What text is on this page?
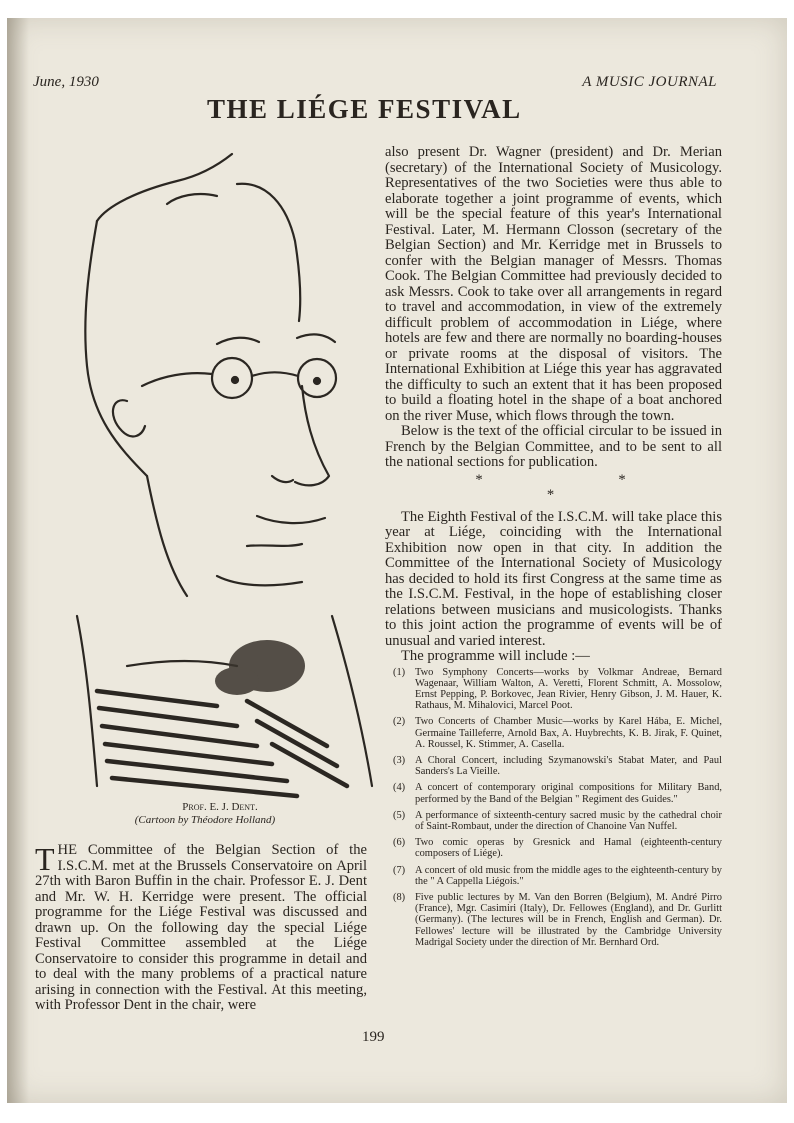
June, 1930	A MUSIC JOURNAL
THE LIÉGE FESTIVAL
Prof. E. J. Dent.
(Cartoon by Théodore Holland)

THE Committee of the Belgian Section of the I.S.C.M. met at the Brussels Conservatoire on April 27th with Baron Buffin in the chair. Professor E. J. Dent and Mr. W. H. Kerridge were present. The official programme for the Liége Festival was discussed and drawn up. On the following day the special Liége Festival Committee assembled at the Liége Conservatoire to consider this programme in detail and to deal with the many problems of a practical nature arising in connection with the Festival. At this meeting, with Professor Dent in the chair, were

also present Dr. Wagner (president) and Dr. Merian (secretary) of the International Society of Musicology. Representatives of the two Societies were thus able to elaborate together a joint programme of events, which will be the special feature of this year's International Festival. Later, M. Hermann Closson (secretary of the Belgian Section) and Mr. Kerridge met in Brussels to confer with the Belgian manager of Messrs. Thomas Cook. The Belgian Committee had previously decided to ask Messrs. Cook to take over all arrangements in regard to travel and accommodation, in view of the extremely difficult problem of accommodation in Liége, where hotels are few and there are normally no boarding-houses or private rooms at the disposal of visitors. The International Exhibition at Liége this year has aggravated the difficulty to such an extent that it has been proposed to build a floating hotel in the shape of a boat anchored on the river Muse, which flows through the town.

Below is the text of the official circular to be issued in French by the Belgian Committee, and to be sent to all the national sections for publication.

* * *

The Eighth Festival of the I.S.C.M. will take place this year at Liége, coinciding with the International Exhibition now open in that city. In addition the Committee of the International Society of Musicology has decided to hold its first Congress at the same time as the I.S.C.M. Festival, in the hope of establishing closer relations between musicians and musicologists. Thanks to this joint action the programme of events will be of unusual and varied interest.

The programme will include :—

(1) Two Symphony Concerts—works by Volkmar Andreae, Bernard Wagenaar, William Walton, A. Veretti, Florent Schmitt, A. Mossolow, Ernst Pepping, P. Borkovec, Jean Rivier, Henry Gibson, J. M. Hauer, K. Rathaus, M. Mihalovici, Marcel Poot.
(2) Two Concerts of Chamber Music—works by Karel Hába, E. Michel, Germaine Tailleferre, Arnold Bax, A. Huybrechts, K. B. Jirak, F. Quinet, A. Roussel, K. Stimmer, A. Casella.
(3) A Choral Concert, including Szymanowski's Stabat Mater, and Paul Sanders's La Vieille.
(4) A concert of contemporary original compositions for Military Band, performed by the Band of the Belgian " Regiment des Guides."
(5) A performance of sixteenth-century sacred music by the cathedral choir of Saint-Rombaut, under the direction of Chanoine Van Nuffel.
(6) Two comic operas by Gresnick and Hamal (eighteenth-century composers of Liége).
(7) A concert of old music from the middle ages to the eighteenth-century by the " A Cappella Liégois."
(8) Five public lectures by M. Van den Borren (Belgium), M. André Pirro (France), Mgr. Casimiri (Italy), Dr. Fellowes (England), and Dr. Gurlitt (Germany). (The lectures will be in French, English and German). Dr. Fellowes' lecture will be illustrated by the Cambridge University Madrigal Society under the direction of Mr. Bernhard Ord.
199
